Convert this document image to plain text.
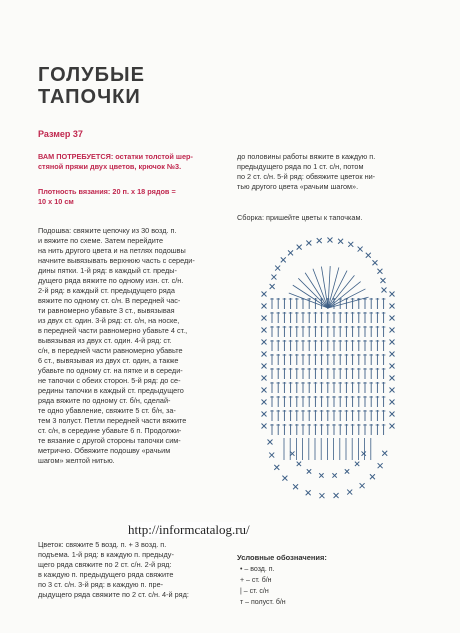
ГОЛУБЫЕ
ТАПОЧКИ
Размер 37
ВАМ ПОТРЕБУЕТСЯ: остатки толстой шер-
стяной пряжи двух цветов, крючок №3.
Плотность вязания: 20 п. х 18 рядов =
10 х 10 см
Подошва: свяжите цепочку из 30 возд. п.
и вяжите по схеме. Затем перейдите
на нить другого цвета и на петлях подошвы
начните вывязывать верхнюю часть с середи-
дины пятки. 1-й ряд: в каждый ст. преды-
дущего ряда вяжите по одному изн. ст. с/н.
2-й ряд: в каждый ст. предыдущего ряда
вяжите по одному ст. с/н. В передней час-
ти равномерно убавьте 3 ст., вывязывая
из двух ст. один. 3-й ряд: ст. с/н, на носке,
в передней части равномерно убавьте 4 ст.,
вывязывая из двух ст. один. 4-й ряд: ст.
с/н, в передней части равномерно убавьте
6 ст., вывязывая из двух ст. один, а также
убавьте по одному ст. на пятке и в середи-
не тапочки с обеих сторон. 5-й ряд: до се-
редины тапочки в каждый ст. предыдущего
ряда вяжите по одному ст. б/н, сделай-
те одно убавление, свяжите 5 ст. б/н, за-
тем 3 полуст. Петли передней части вяжите
ст. с/н, в середине убавьте 6 п. Продолжи-
те вязание с другой стороны тапочки сим-
метрично. Обвяжите подошву «рачьим
шагом» желтой нитью.
Цветок: свяжите 5 возд. п. + 3 возд. п.
подъема. 1-й ряд: в каждую п. предыду-
щего ряда свяжите по 2 ст. с/н. 2-й ряд:
в каждую п. предыдущего ряда свяжите
по 3 ст. с/н. 3-й ряд: в каждую п. пре-
дыдущего ряда свяжите по 2 ст. с/н. 4-й ряд:
до половины работы вяжите в каждую п.
предыдущего ряда по 1 ст. с/н, потом
по 2 ст. с/н. 5-й ряд: обвяжите цветок ни-
тью другого цвета «рачьим шагом».
Сборка: пришейте цветы к тапочкам.
Условные обозначения:
• – возд. п.
+ – ст. б/н
| – ст. с/н
т – полуст. б/н
http://informcatalog.ru/
